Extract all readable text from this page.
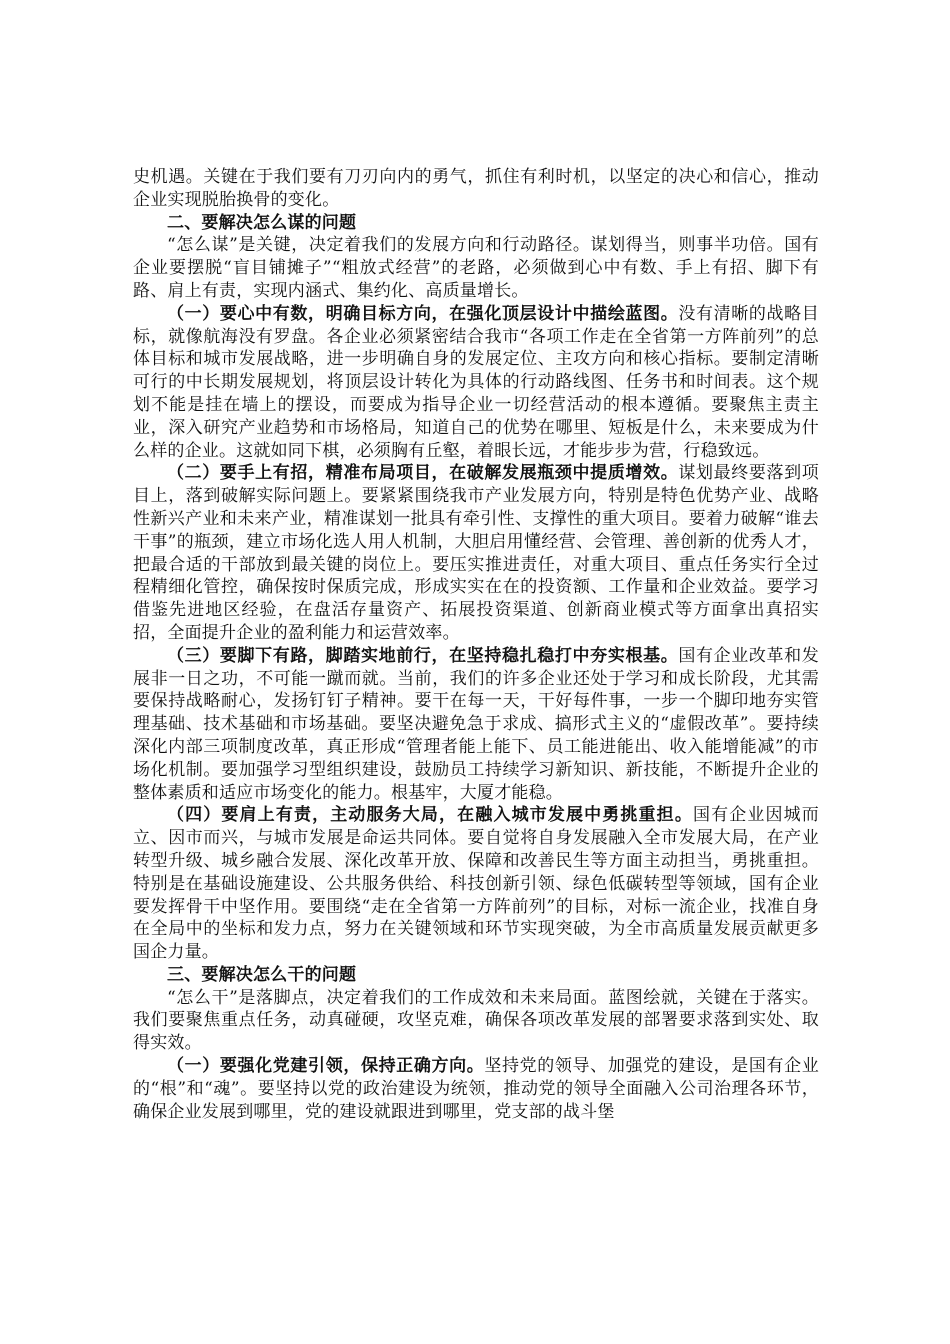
史机遇。关键在于我们要有刀刃向内的勇气，抓住有利时机，以坚定的决心和信心，推动企业实现脱胎换骨的变化。

二、要解决怎么谋的问题

“怎么谋”是关键，决定着我们的发展方向和行动路径。谋划得当，则事半功倍。国有企业要摆脱“盲目铺摊子”“粗放式经营”的老路，必须做到心中有数、手上有招、脚下有路、肩上有责，实现内涵式、集约化、高质量增长。

（一）要心中有数，明确目标方向，在强化顶层设计中描绘蓝图。没有清晰的战略目标，就像航海没有罗盘。各企业必须紧密结合我市“各项工作走在全省第一方阵前列”的总体目标和城市发展战略，进一步明确自身的发展定位、主攻方向和核心指标。要制定清晰可行的中长期发展规划，将顶层设计转化为具体的行动路线图、任务书和时间表。这个规划不能是挂在墙上的摆设，而要成为指导企业一切经营活动的根本遵循。要聚焦主责主业，深入研究产业趋势和市场格局，知道自己的优势在哪里、短板是什么，未来要成为什么样的企业。这就如同下棋，必须胸有丘壑，着眼长远，才能步步为营，行稳致远。

（二）要手上有招，精准布局项目，在破解发展瓶颈中提质增效。谋划最终要落到项目上，落到破解实际问题上。要紧紧围绕我市产业发展方向，特别是特色优势产业、战略性新兴产业和未来产业，精准谋划一批具有牵引性、支撑性的重大项目。要着力破解“谁去干事”的瓶颈，建立市场化选人用人机制，大胆启用懂经营、会管理、善创新的优秀人才，把最合适的干部放到最关键的岗位上。要压实推进责任，对重大项目、重点任务实行全过程精细化管控，确保按时保质完成，形成实实在在的投资额、工作量和企业效益。要学习借鉴先进地区经验，在盘活存量资产、拓展投资渠道、创新商业模式等方面拿出真招实招，全面提升企业的盈利能力和运营效率。

（三）要脚下有路，脚踏实地前行，在坚持稳扎稳打中夯实根基。国有企业改革和发展非一日之功，不可能一蹴而就。当前，我们的许多企业还处于学习和成长阶段，尤其需要保持战略耐心，发扬钉钉子精神。要干在每一天，干好每件事，一步一个脚印地夯实管理基础、技术基础和市场基础。要坚决避免急于求成、搞形式主义的“虚假改革”。要持续深化内部三项制度改革，真正形成“管理者能上能下、员工能进能出、收入能增能减”的市场化机制。要加强学习型组织建设，鼓励员工持续学习新知识、新技能，不断提升企业的整体素质和适应市场变化的能力。根基牢，大厦才能稳。

（四）要肩上有责，主动服务大局，在融入城市发展中勇挑重担。国有企业因城而立、因市而兴，与城市发展是命运共同体。要自觉将自身发展融入全市发展大局，在产业转型升级、城乡融合发展、深化改革开放、保障和改善民生等方面主动担当，勇挑重担。特别是在基础设施建设、公共服务供给、科技创新引领、绿色低碳转型等领域，国有企业要发挥骨干中坚作用。要围绕“走在全省第一方阵前列”的目标，对标一流企业，找准自身在全局中的坐标和发力点，努力在关键领域和环节实现突破，为全市高质量发展贡献更多国企力量。

三、要解决怎么干的问题

“怎么干”是落脚点，决定着我们的工作成效和未来局面。蓝图绘就，关键在于落实。我们要聚焦重点任务，动真碰硬，攻坚克难，确保各项改革发展的部署要求落到实处、取得实效。

（一）要强化党建引领，保持正确方向。坚持党的领导、加强党的建设，是国有企业的“根”和“魂”。要坚持以党的政治建设为统领，推动党的领导全面融入公司治理各环节，确保企业发展到哪里，党的建设就跟进到哪里，党支部的战斗堡
